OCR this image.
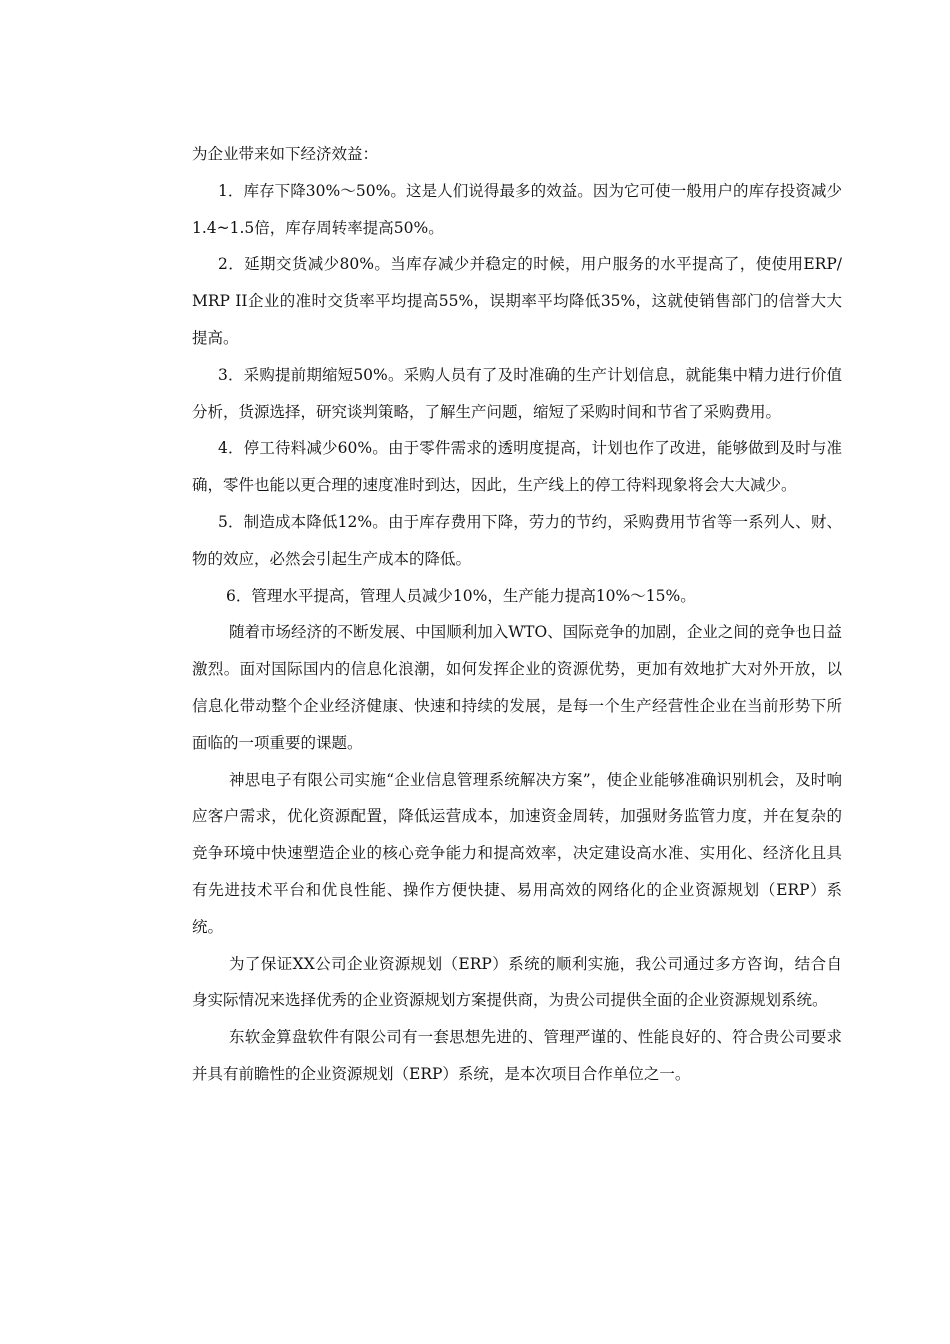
为企业带来如下经济效益：

1．库存下降30%～50%。这是人们说得最多的效益。因为它可使一般用户的库存投资减少1.4~1.5倍，库存周转率提高50%。

2．延期交货减少80%。当库存减少并稳定的时候，用户服务的水平提高了，使使用ERP/MRP II企业的准时交货率平均提高55%，误期率平均降低35%，这就使销售部门的信誉大大提高。

3．采购提前期缩短50%。采购人员有了及时准确的生产计划信息，就能集中精力进行价值分析，货源选择，研究谈判策略，了解生产问题，缩短了采购时间和节省了采购费用。

4．停工待料减少60%。由于零件需求的透明度提高，计划也作了改进，能够做到及时与准确，零件也能以更合理的速度准时到达，因此，生产线上的停工待料现象将会大大减少。

5．制造成本降低12%。由于库存费用下降，劳力的节约，采购费用节省等一系列人、财、物的效应，必然会引起生产成本的降低。

6．管理水平提高，管理人员减少10%，生产能力提高10%～15%。

随着市场经济的不断发展、中国顺利加入WTO、国际竞争的加剧，企业之间的竞争也日益激烈。面对国际国内的信息化浪潮，如何发挥企业的资源优势，更加有效地扩大对外开放，以信息化带动整个企业经济健康、快速和持续的发展，是每一个生产经营性企业在当前形势下所面临的一项重要的课题。

神思电子有限公司实施“企业信息管理系统解决方案”，使企业能够准确识别机会，及时响应客户需求，优化资源配置，降低运营成本，加速资金周转，加强财务监管力度，并在复杂的竞争环境中快速塑造企业的核心竞争能力和提高效率，决定建设高水准、实用化、经济化且具有先进技术平台和优良性能、操作方便快捷、易用高效的网络化的企业资源规划（ERP）系统。

为了保证XX公司企业资源规划（ERP）系统的顺利实施，我公司通过多方咨询，结合自身实际情况来选择优秀的企业资源规划方案提供商，为贵公司提供全面的企业资源规划系统。

东软金算盘软件有限公司有一套思想先进的、管理严谨的、性能良好的、符合贵公司要求并具有前瞻性的企业资源规划（ERP）系统，是本次项目合作单位之一。
